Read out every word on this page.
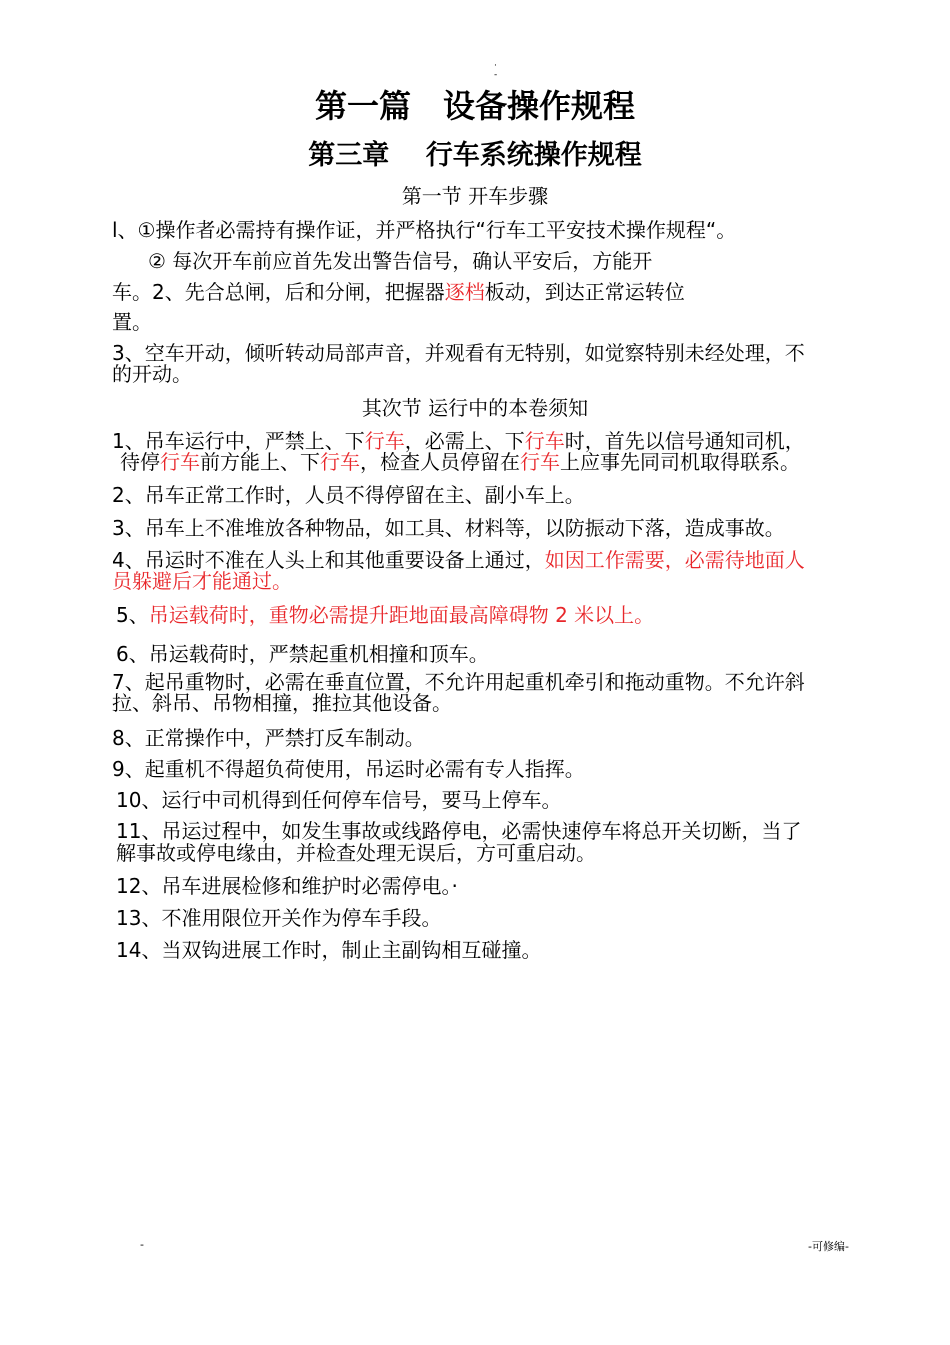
·
-
第一篇　设备操作规程
第三章　 行车系统操作规程
第一节 开车步骤
l、①操作者必需持有操作证，并严格执行“行车工平安技术操作规程“。
② 每次开车前应首先发出警告信号，确认平安后，方能开
车。2、先合总闸，后和分闸，把握器逐档板动，到达正常运转位
置。
3、空车开动，倾听转动局部声音，并观看有无特别，如觉察特别未经处理，不
的开动。
其次节 运行中的本卷须知
1、吊车运行中，严禁上、下行车，必需上、下行车时，首先以信号通知司机，
待停行车前方能上、下行车，检查人员停留在行车上应事先同司机取得联系。
2、吊车正常工作时，人员不得停留在主、副小车上。
3、吊车上不准堆放各种物品，如工具、材料等，以防振动下落，造成事故。
4、吊运时不准在人头上和其他重要设备上通过，如因工作需要，必需待地面人
员躲避后才能通过。
5、吊运载荷时，重物必需提升距地面最高障碍物 2 米以上。
6、吊运载荷时，严禁起重机相撞和顶车。
7、起吊重物时，必需在垂直位置，不允许用起重机牵引和拖动重物。不允许斜
拉、斜吊、吊物相撞，推拉其他设备。
8、正常操作中，严禁打反车制动。
9、起重机不得超负荷使用，吊运时必需有专人指挥。
10、运行中司机得到任何停车信号，要马上停车。
11、吊运过程中，如发生事故或线路停电，必需快速停车将总开关切断，当了
解事故或停电缘由，并检查处理无误后，方可重启动。
12、吊车进展检修和维护时必需停电。·
13、不准用限位开关作为停车手段。
14、当双钩进展工作时，制止主副钩相互碰撞。
-	-可修编-
